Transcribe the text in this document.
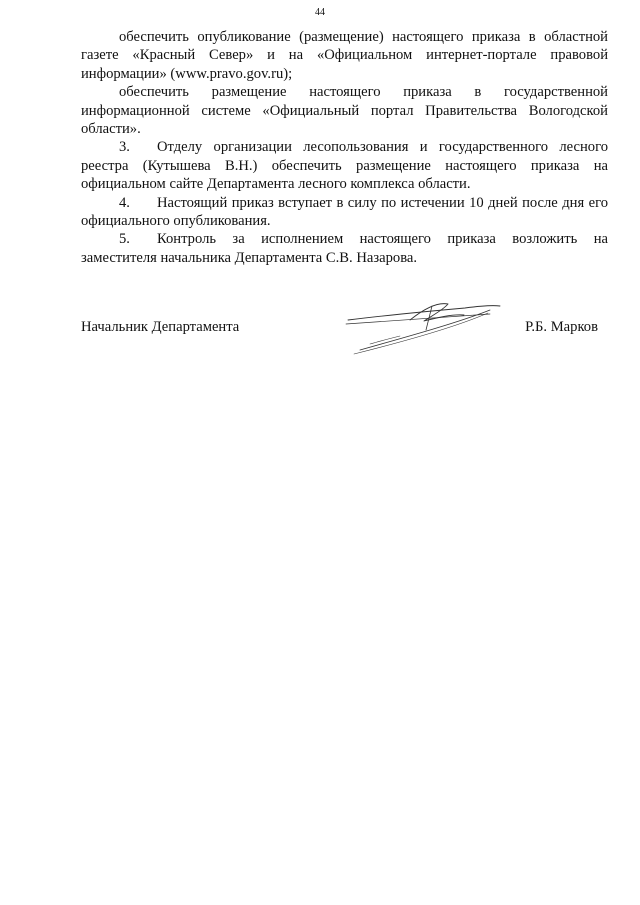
44

обеспечить опубликование (размещение) настоящего приказа в областной газете «Красный Север» и на «Официальном интернет-портале правовой информации» (www.pravo.gov.ru);

обеспечить размещение настоящего приказа в государственной информационной системе «Официальный портал Правительства Вологодской области».

3. Отделу организации лесопользования и государственного лесного реестра (Кутышева В.Н.) обеспечить размещение настоящего приказа на официальном сайте Департамента лесного комплекса области.

4. Настоящий приказ вступает в силу по истечении 10 дней после дня его официального опубликования.

5. Контроль за исполнением настоящего приказа возложить на заместителя начальника Департамента С.В. Назарова.

Начальник Департамента	Р.Б. Марков
